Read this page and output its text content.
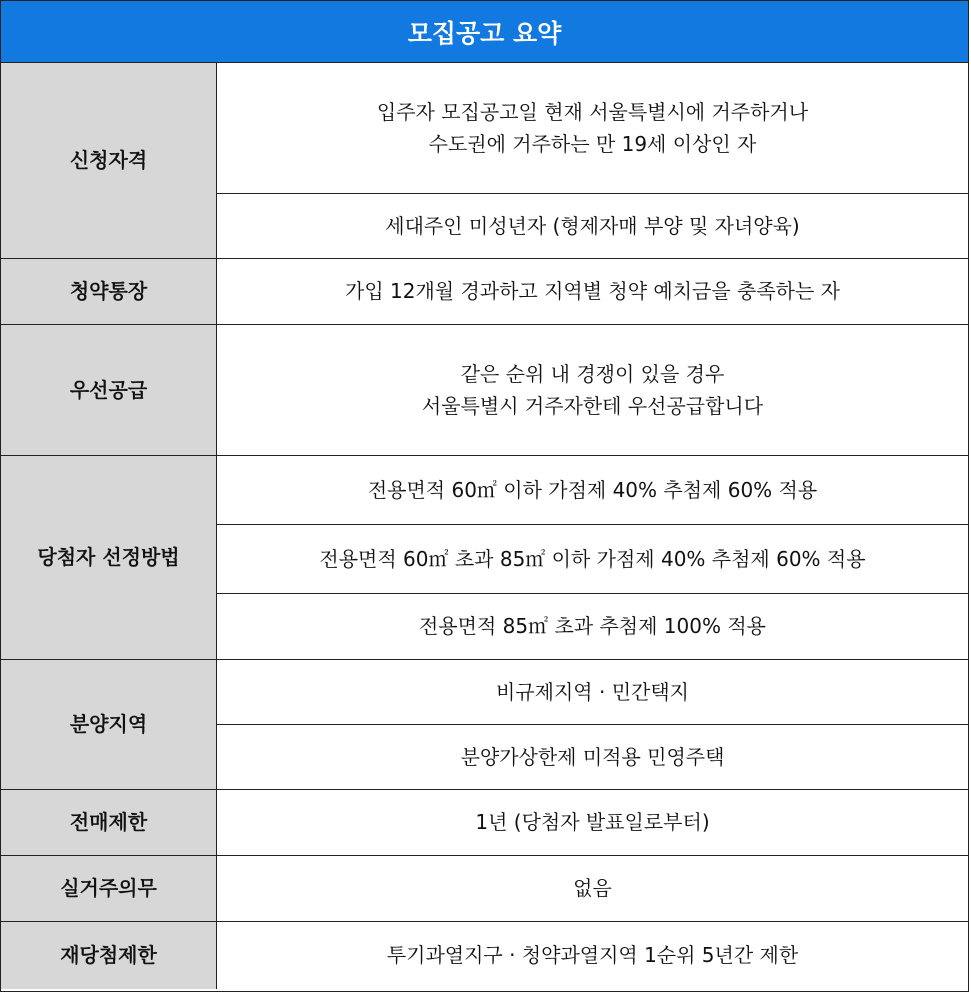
모집공고 요약
신청자격	입주자 모집공고일 현재 서울특별시에 거주하거나
수도권에 거주하는 만 19세 이상인 자
	세대주인 미성년자 (형제자매 부양 및 자녀양육)
청약통장	가입 12개월 경과하고 지역별 청약 예치금을 충족하는 자
우선공급	같은 순위 내 경쟁이 있을 경우
서울특별시 거주자한테 우선공급합니다
당첨자 선정방법	전용면적 60㎡ 이하 가점제 40% 추첨제 60% 적용
	전용면적 60㎡ 초과 85㎡ 이하 가점제 40% 추첨제 60% 적용
	전용면적 85㎡ 초과 추첨제 100% 적용
분양지역	비규제지역 · 민간택지
	분양가상한제 미적용 민영주택
전매제한	1년 (당첨자 발표일로부터)
실거주의무	없음
재당첨제한	투기과열지구 · 청약과열지역 1순위 5년간 제한
